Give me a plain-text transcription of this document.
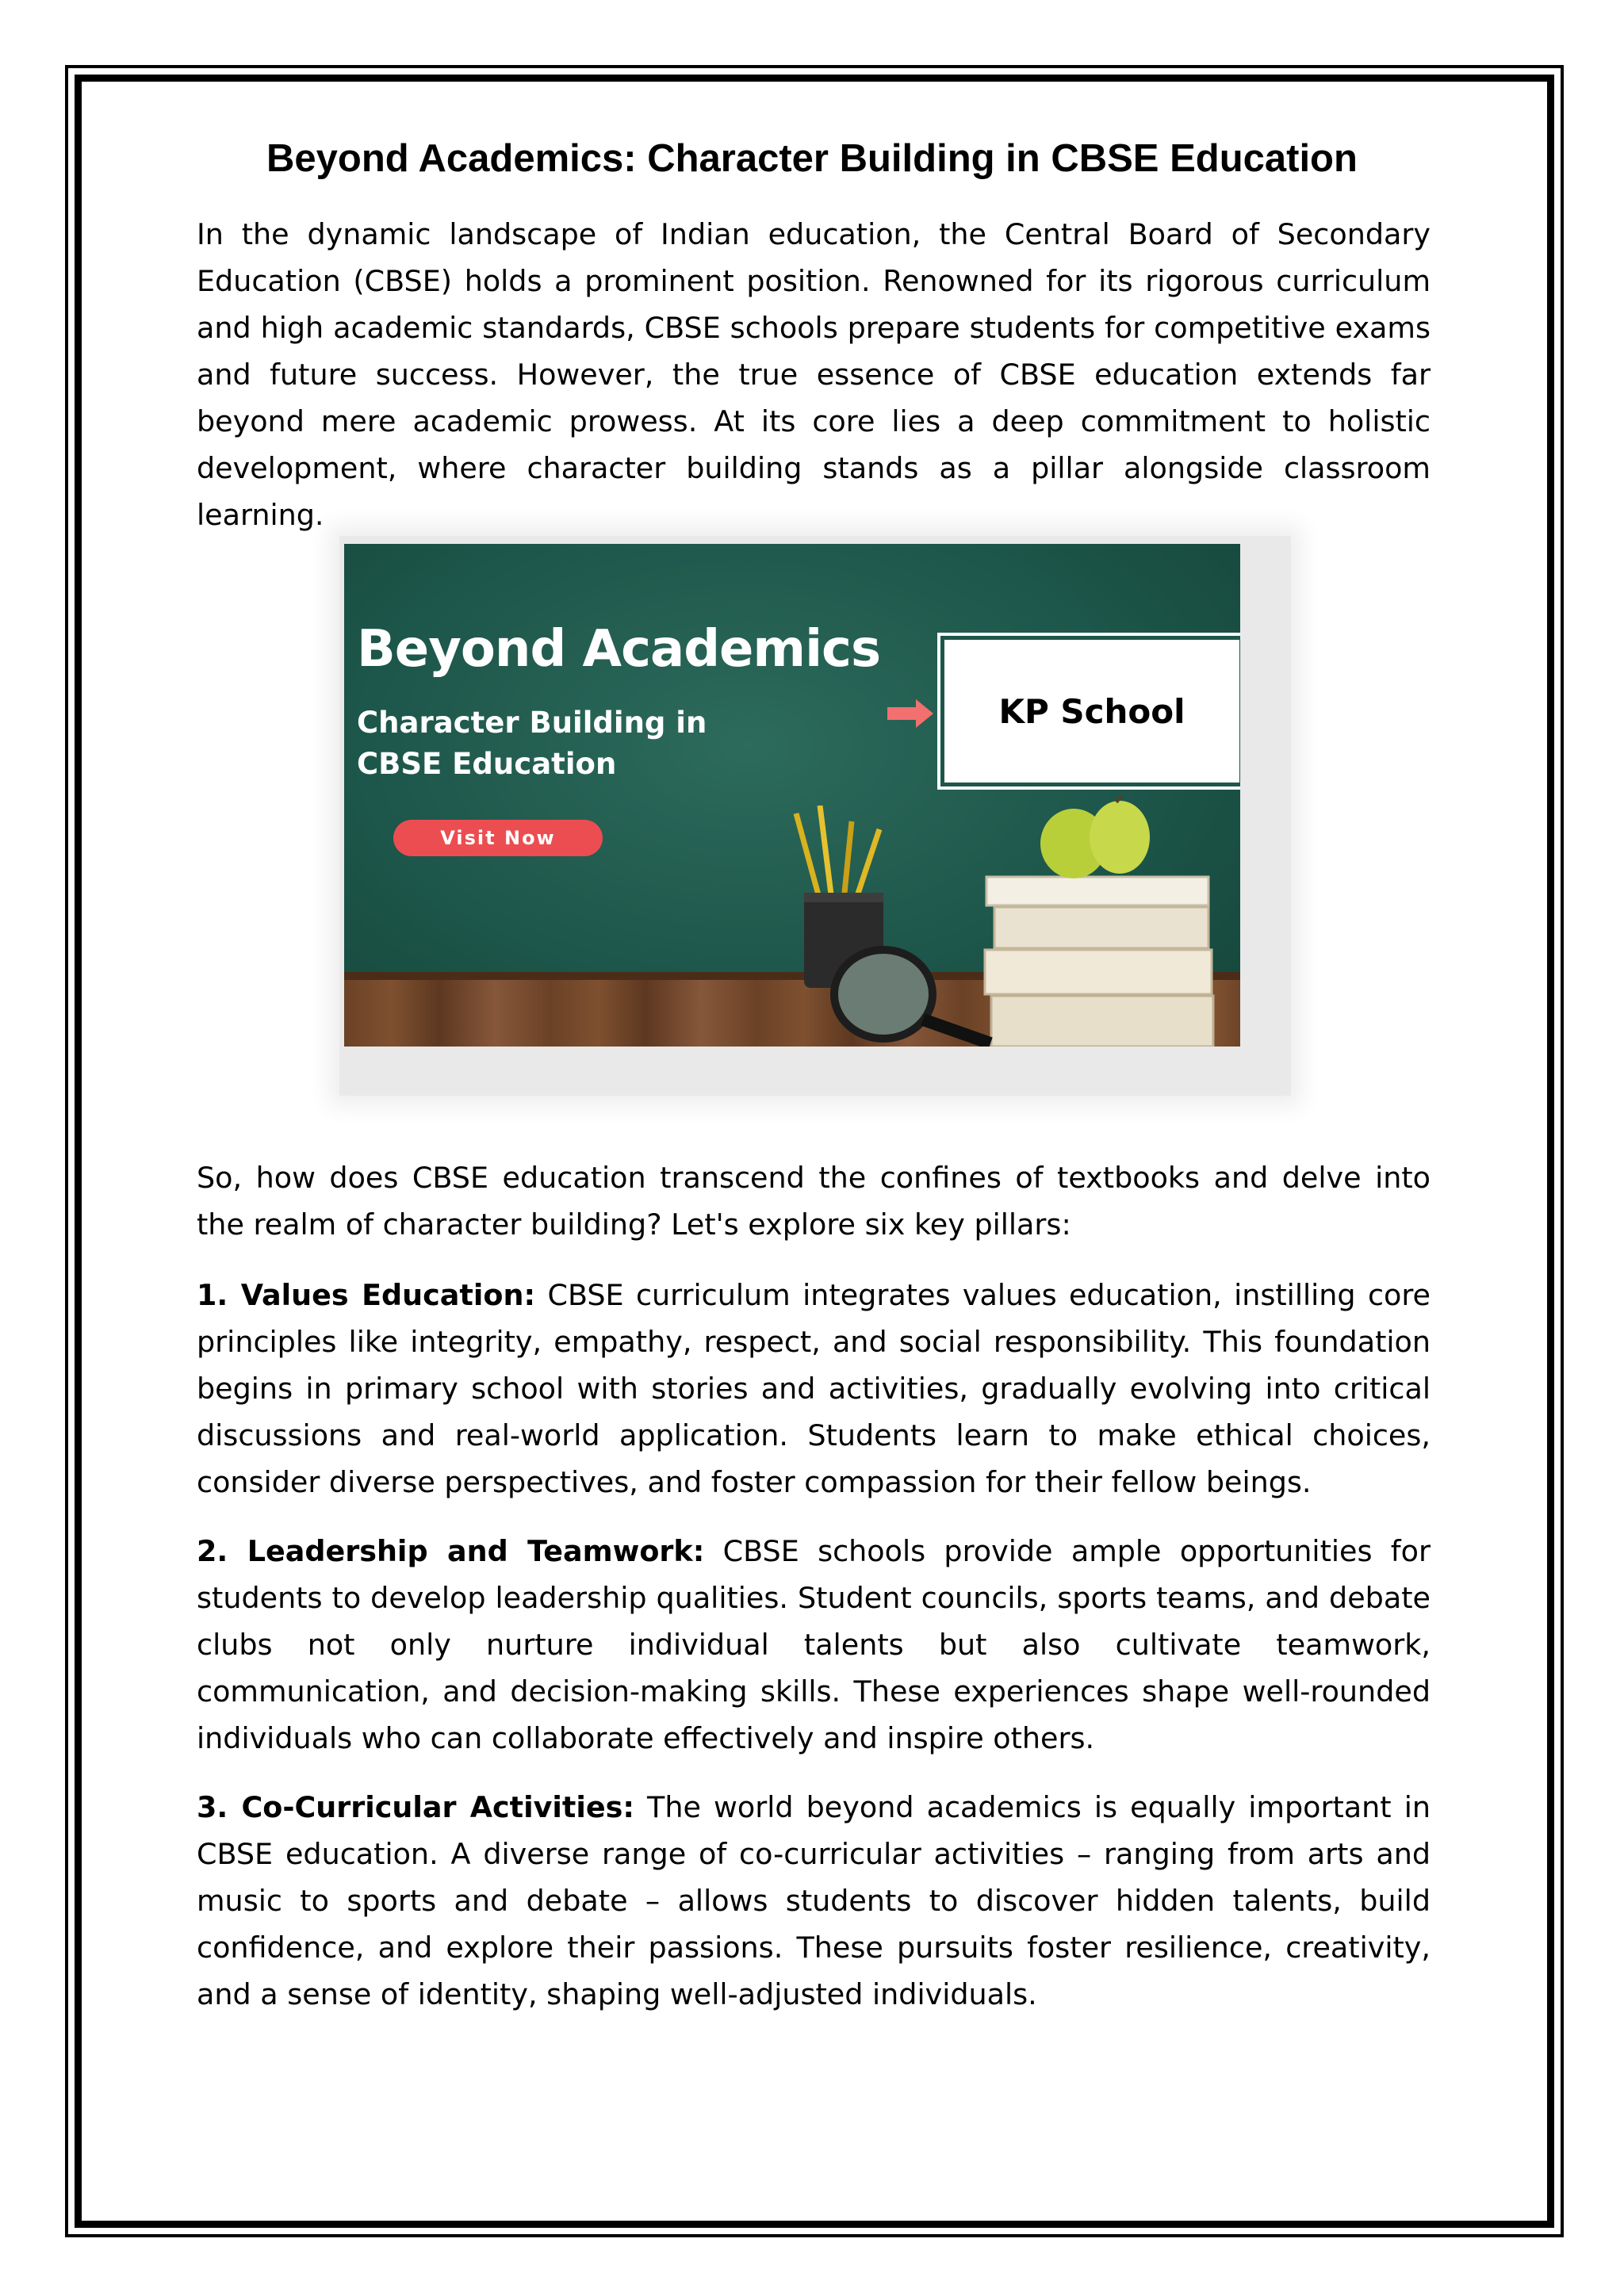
Beyond Academics: Character Building in CBSE Education

In the dynamic landscape of Indian education, the Central Board of Secondary Education (CBSE) holds a prominent position. Renowned for its rigorous curriculum and high academic standards, CBSE schools prepare students for competitive exams and future success. However, the true essence of CBSE education extends far beyond mere academic prowess. At its core lies a deep commitment to holistic development, where character building stands as a pillar alongside classroom learning.

Beyond Academics

Character Building in CBSE Education

Visit Now
KP School

So, how does CBSE education transcend the confines of textbooks and delve into the realm of character building? Let's explore six key pillars:

1. Values Education: CBSE curriculum integrates values education, instilling core principles like integrity, empathy, respect, and social responsibility. This foundation begins in primary school with stories and activities, gradually evolving into critical discussions and real-world application. Students learn to make ethical choices, consider diverse perspectives, and foster compassion for their fellow beings.

2. Leadership and Teamwork: CBSE schools provide ample opportunities for students to develop leadership qualities. Student councils, sports teams, and debate clubs not only nurture individual talents but also cultivate teamwork, communication, and decision-making skills. These experiences shape well-rounded individuals who can collaborate effectively and inspire others.

3. Co-Curricular Activities: The world beyond academics is equally important in CBSE education. A diverse range of co-curricular activities – ranging from arts and music to sports and debate – allows students to discover hidden talents, build confidence, and explore their passions. These pursuits foster resilience, creativity, and a sense of identity, shaping well-adjusted individuals.
